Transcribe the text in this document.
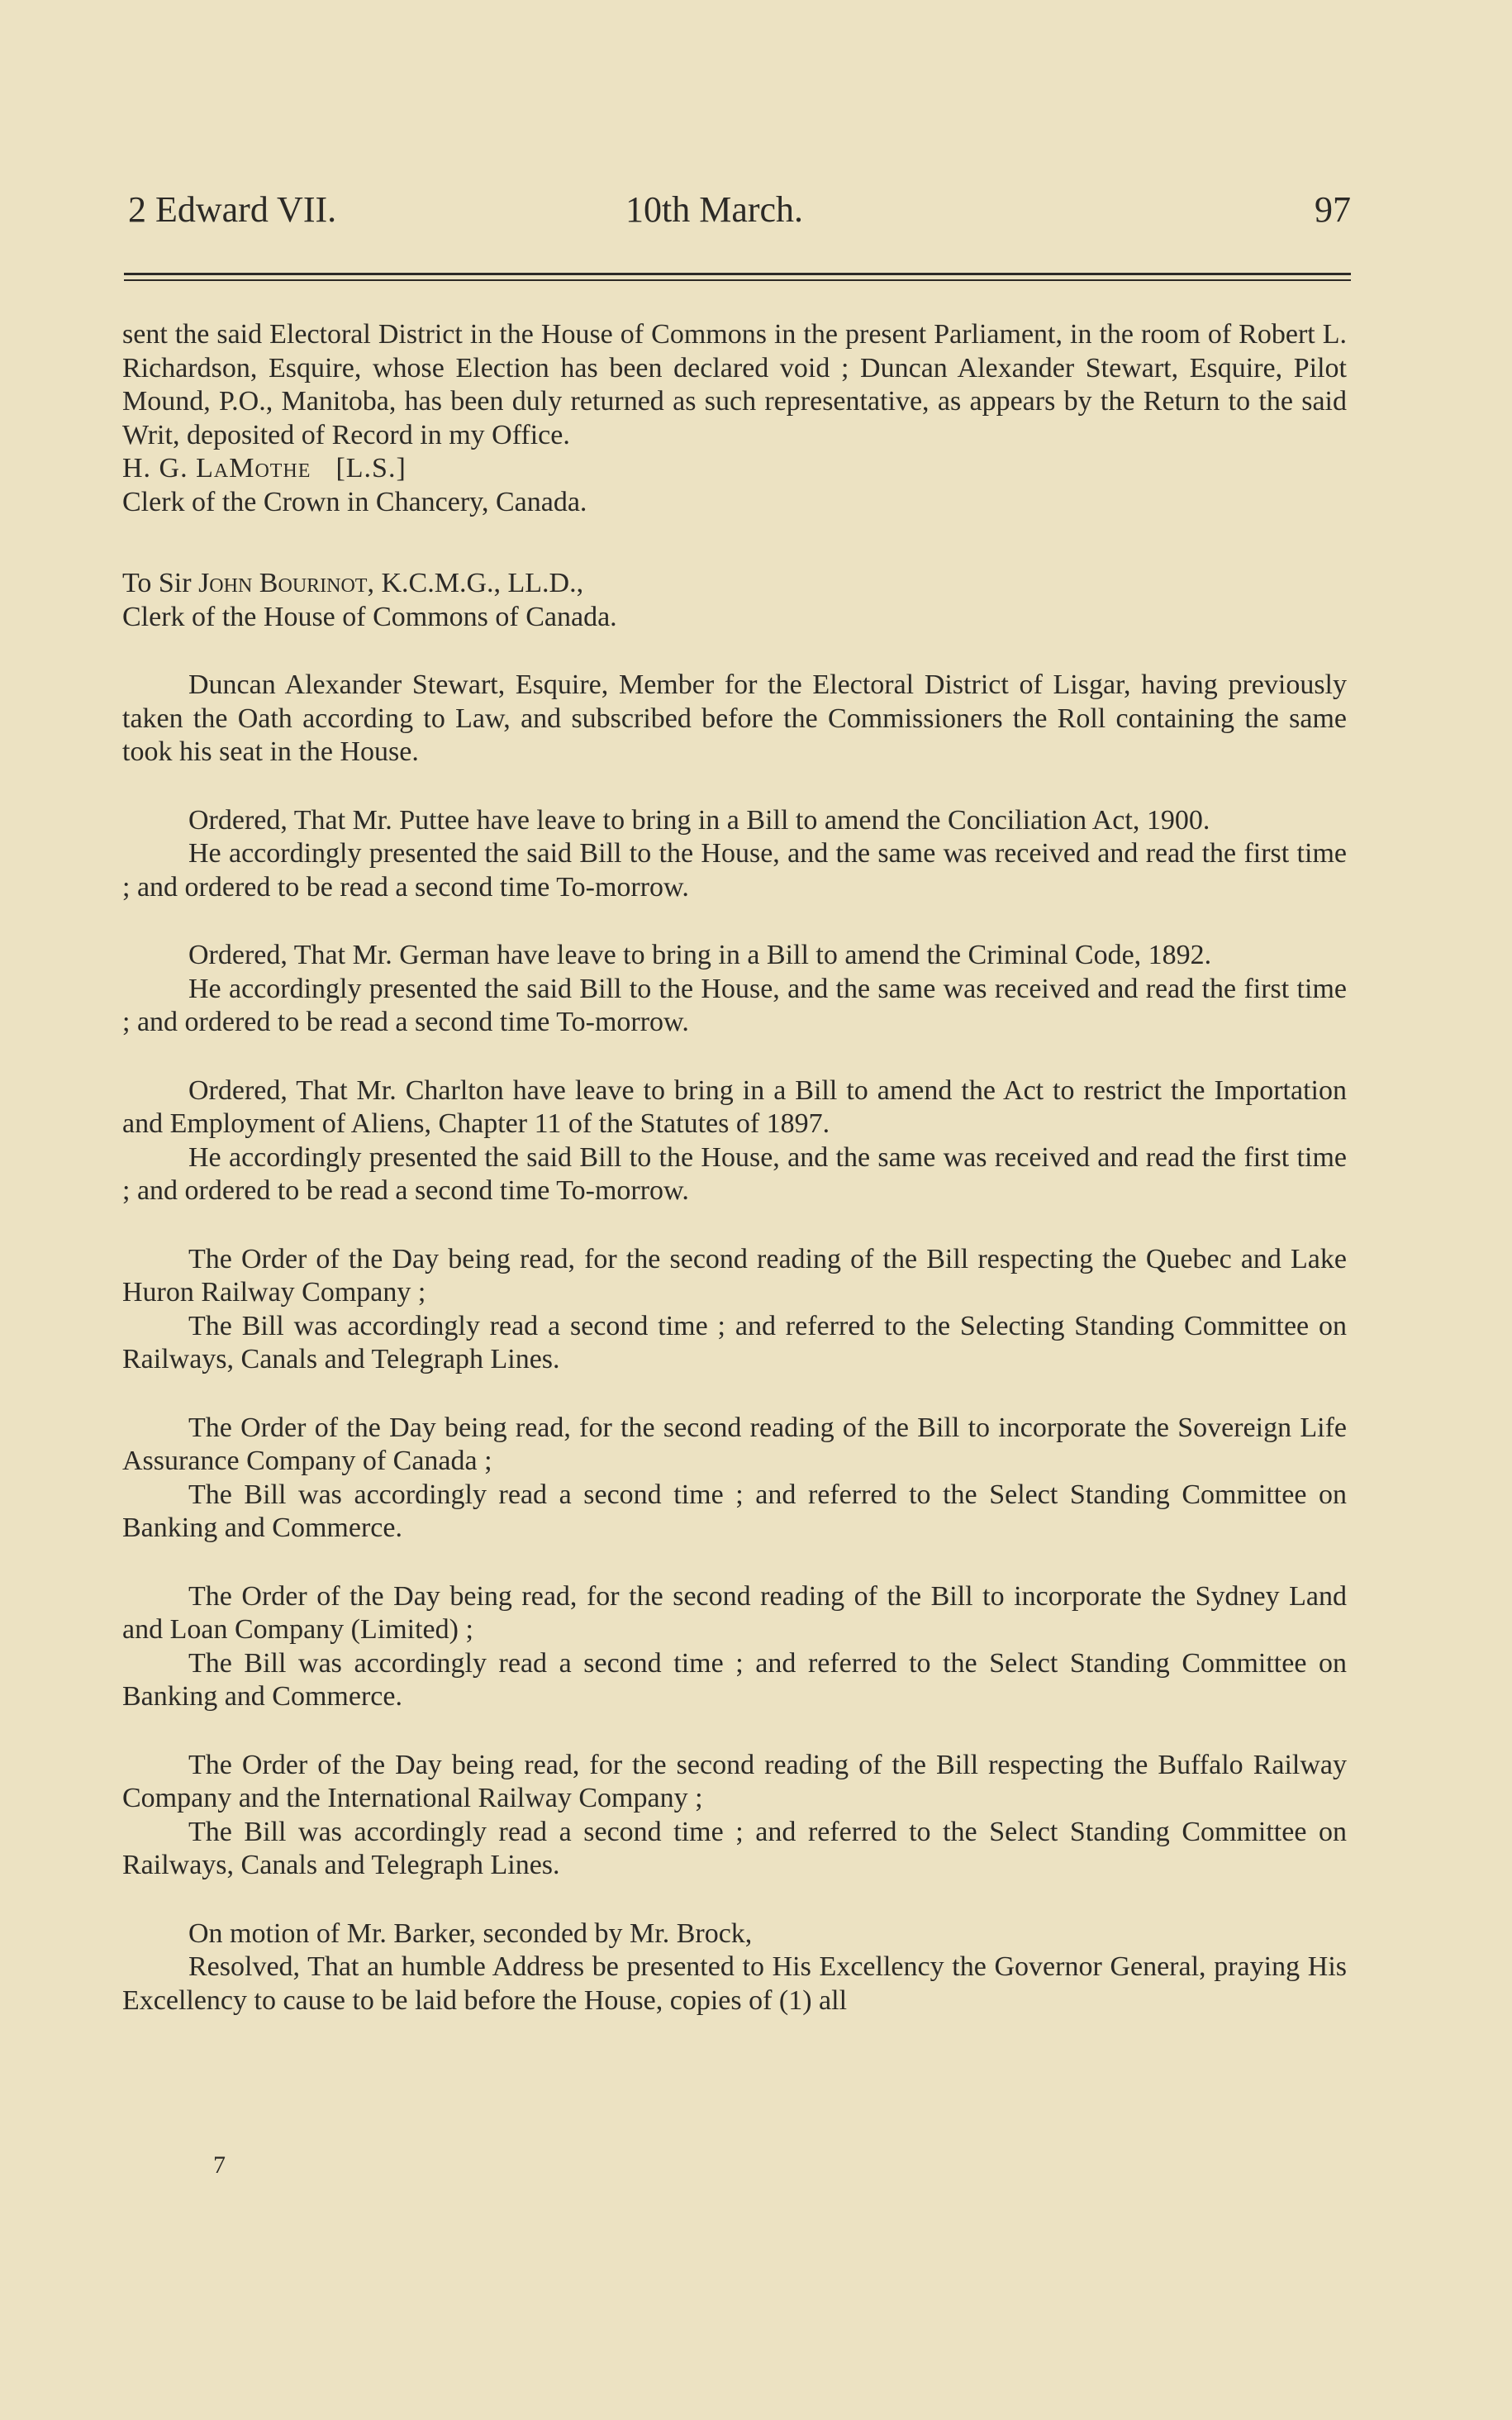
2 Edward VII.	10th March.	97

sent the said Electoral District in the House of Commons in the present Parliament, in the room of Robert L. Richardson, Esquire, whose Election has been declared void ; Duncan Alexander Stewart, Esquire, Pilot Mound, P.O., Manitoba, has been duly returned as such representative, as appears by the Return to the said Writ, deposited of Record in my Office.

H. G. LaMothe [L.S.]

Clerk of the Crown in Chancery, Canada.

To Sir John Bourinot, K.C.M.G., LL.D.,

Clerk of the House of Commons of Canada.

Duncan Alexander Stewart, Esquire, Member for the Electoral District of Lisgar, having previously taken the Oath according to Law, and subscribed before the Commissioners the Roll containing the same took his seat in the House.

Ordered, That Mr. Puttee have leave to bring in a Bill to amend the Conciliation Act, 1900.

He accordingly presented the said Bill to the House, and the same was received and read the first time ; and ordered to be read a second time To-morrow.

Ordered, That Mr. German have leave to bring in a Bill to amend the Criminal Code, 1892.

He accordingly presented the said Bill to the House, and the same was received and read the first time ; and ordered to be read a second time To-morrow.

Ordered, That Mr. Charlton have leave to bring in a Bill to amend the Act to restrict the Importation and Employment of Aliens, Chapter 11 of the Statutes of 1897.

He accordingly presented the said Bill to the House, and the same was received and read the first time ; and ordered to be read a second time To-morrow.

The Order of the Day being read, for the second reading of the Bill respecting the Quebec and Lake Huron Railway Company ;

The Bill was accordingly read a second time ; and referred to the Selecting Standing Committee on Railways, Canals and Telegraph Lines.

The Order of the Day being read, for the second reading of the Bill to incorporate the Sovereign Life Assurance Company of Canada ;

The Bill was accordingly read a second time ; and referred to the Select Standing Committee on Banking and Commerce.

The Order of the Day being read, for the second reading of the Bill to incorporate the Sydney Land and Loan Company (Limited) ;

The Bill was accordingly read a second time ; and referred to the Select Standing Committee on Banking and Commerce.

The Order of the Day being read, for the second reading of the Bill respecting the Buffalo Railway Company and the International Railway Company ;

The Bill was accordingly read a second time ; and referred to the Select Standing Committee on Railways, Canals and Telegraph Lines.

On motion of Mr. Barker, seconded by Mr. Brock,

Resolved, That an humble Address be presented to His Excellency the Governor General, praying His Excellency to cause to be laid before the House, copies of (1) all

7
